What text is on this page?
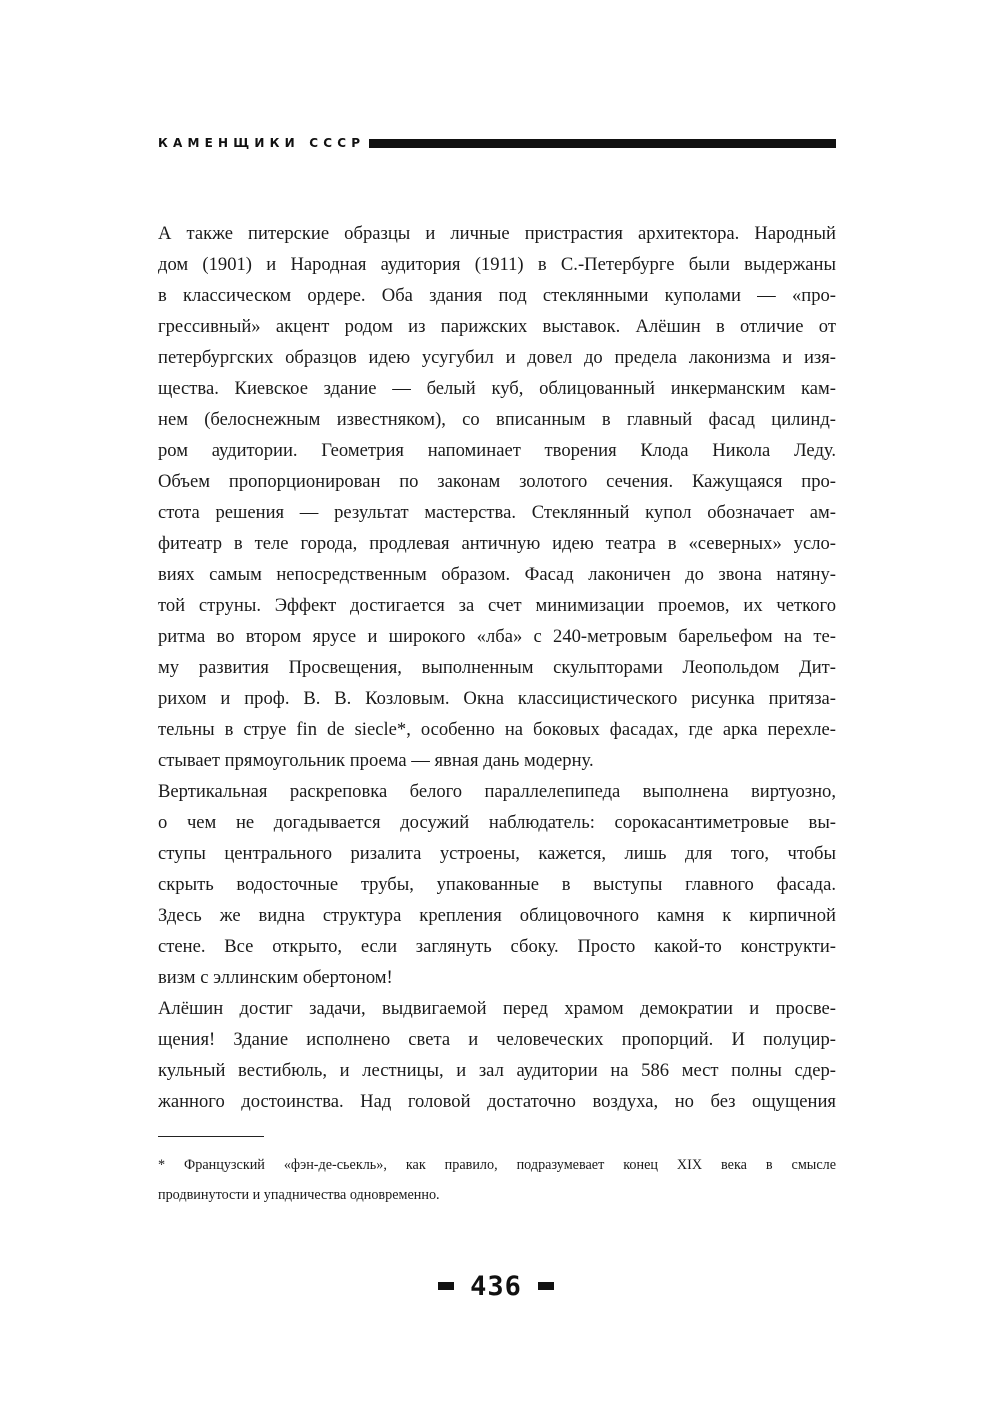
КАМЕНЩИКИ СССР
А также питерские образцы и личные пристрастия архитектора. Народный
дом (1901) и Народная аудитория (1911) в С.-Петербурге были выдержаны
в классическом ордере. Оба здания под стеклянными куполами — «про-
грессивный» акцент родом из парижских выставок. Алёшин в отличие от
петербургских образцов идею усугубил и довел до предела лаконизма и изя-
щества. Киевское здание — белый куб, облицованный инкерманским кам-
нем (белоснежным известняком), со вписанным в главный фасад цилинд-
ром аудитории. Геометрия напоминает творения Клода Никола Леду.
Объем пропорционирован по законам золотого сечения. Кажущаяся про-
стота решения — результат мастерства. Стеклянный купол обозначает ам-
фитеатр в теле города, продлевая античную идею театра в «северных» усло-
виях самым непосредственным образом. Фасад лаконичен до звона натяну-
той струны. Эффект достигается за счет минимизации проемов, их четкого
ритма во втором ярусе и широкого «лба» с 240-метровым барельефом на те-
му развития Просвещения, выполненным скульпторами Леопольдом Дит-
рихом и проф. В. В. Козловым. Окна классицистического рисунка притяза-
тельны в струе fin de siecle*, особенно на боковых фасадах, где арка перехле-
стывает прямоугольник проема — явная дань модерну.
Вертикальная раскреповка белого параллелепипеда выполнена виртуозно,
о чем не догадывается досужий наблюдатель: сорокасантиметровые вы-
ступы центрального ризалита устроены, кажется, лишь для того, чтобы
скрыть водосточные трубы, упакованные в выступы главного фасада.
Здесь же видна структура крепления облицовочного камня к кирпичной
стене. Все открыто, если заглянуть сбоку. Просто какой-то конструкти-
визм с эллинским обертоном!
Алёшин достиг задачи, выдвигаемой перед храмом демократии и просве-
щения! Здание исполнено света и человеческих пропорций. И полуцир-
кульный вестибюль, и лестницы, и зал аудитории на 586 мест полны сдер-
жанного достоинства. Над головой достаточно воздуха, но без ощущения
* Французский «фэн-де-сьекль», как правило, подразумевает конец XIX века в смысле
продвинутости и упадничества одновременно.
436
